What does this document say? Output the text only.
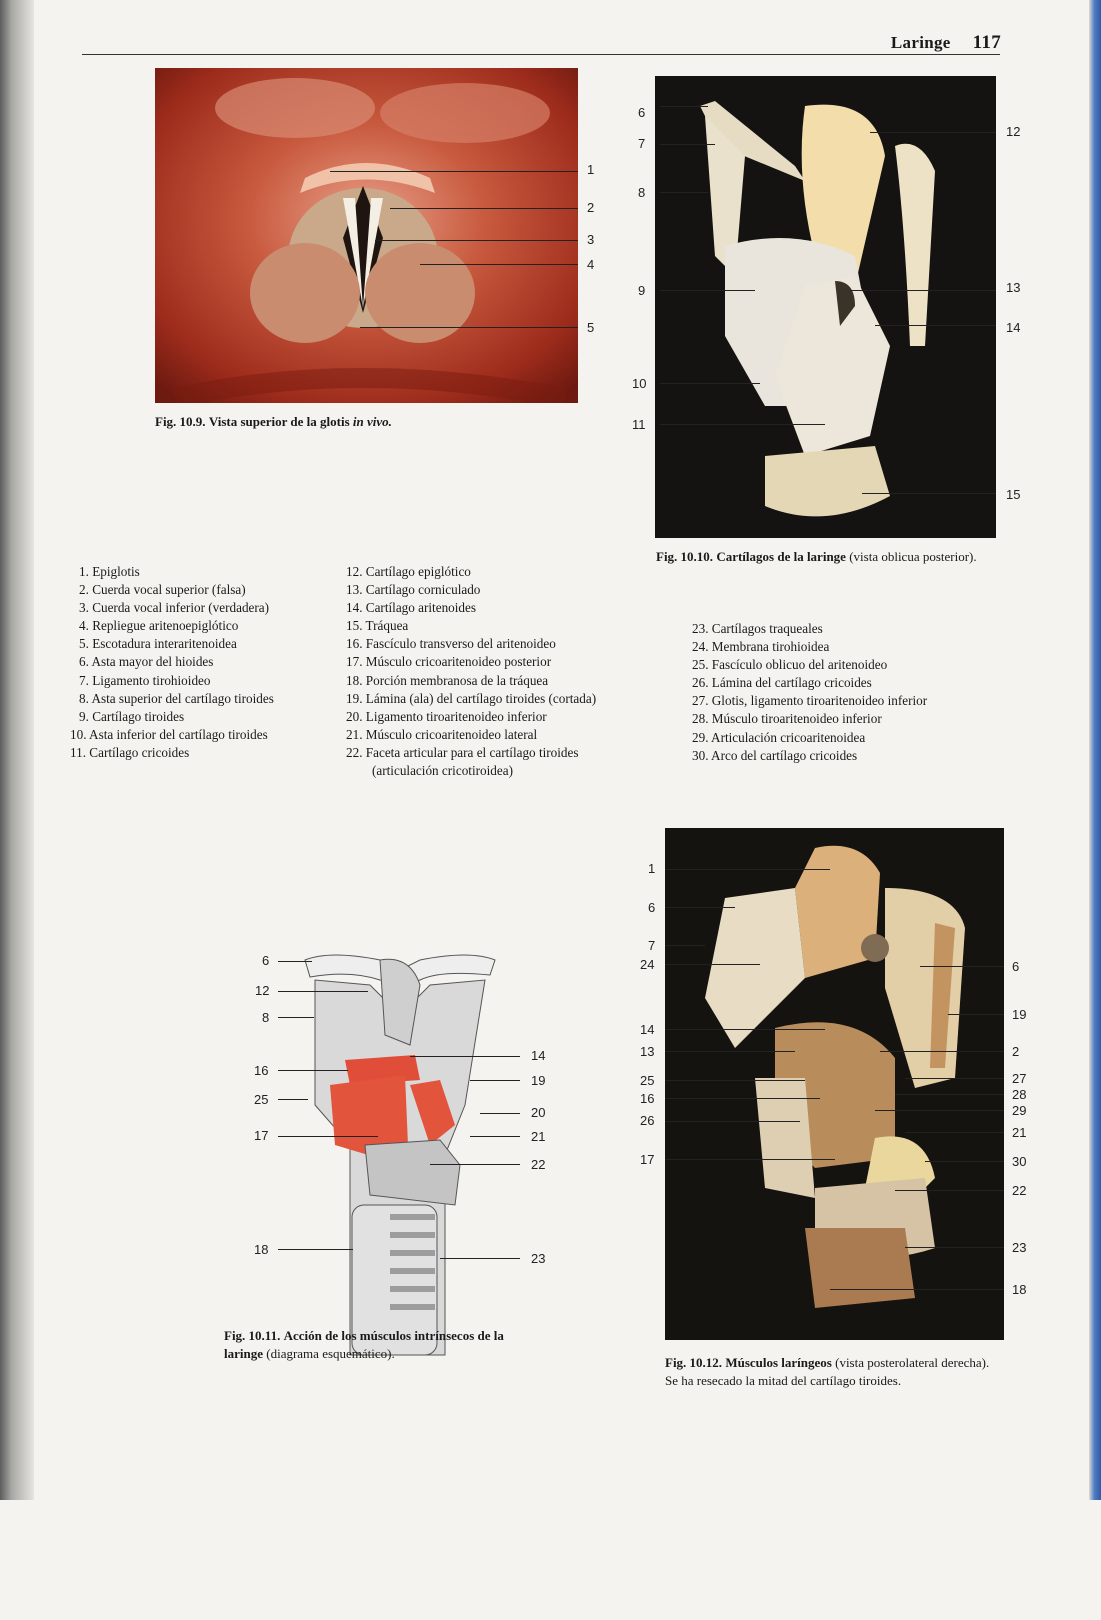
Laringe 117
1
2
3
4
5
Fig. 10.9. Vista superior de la glotis in vivo.
6
7
8
9
10
11
12
13
14
15
Fig. 10.10. Cartílagos de la laringe (vista oblicua posterior).
1. Epiglotis
2. Cuerda vocal superior (falsa)
3. Cuerda vocal inferior (verdadera)
4. Repliegue aritenoepiglótico
5. Escotadura interaritenoidea
6. Asta mayor del hioides
7. Ligamento tirohioideo
8. Asta superior del cartílago tiroides
9. Cartílago tiroides
10. Asta inferior del cartílago tiroides
11. Cartílago cricoides
12. Cartílago epiglótico
13. Cartílago corniculado
14. Cartílago aritenoides
15. Tráquea
16. Fascículo transverso del aritenoideo
17. Músculo cricoaritenoideo posterior
18. Porción membranosa de la tráquea
19. Lámina (ala) del cartílago tiroides (cortada)
20. Ligamento tiroaritenoideo inferior
21. Músculo cricoaritenoideo lateral
22. Faceta articular para el cartílago tiroides
(articulación cricotiroidea)
23. Cartílagos traqueales
24. Membrana tirohioidea
25. Fascículo oblicuo del aritenoideo
26. Lámina del cartílago cricoides
27. Glotis, ligamento tiroaritenoideo inferior
28. Músculo tiroaritenoideo inferior
29. Articulación cricoaritenoidea
30. Arco del cartílago cricoides
6
12
8
16
25
17
18
14
19
20
21
22
23
Fig. 10.11. Acción de los músculos intrínsecos de la laringe (diagrama esquemático).
1
6
7
24
14
13
25
16
26
17
6
19
2
27
28
29
21
30
22
23
18
Fig. 10.12. Músculos laríngeos (vista posterolateral derecha). Se ha resecado la mitad del cartílago tiroides.
